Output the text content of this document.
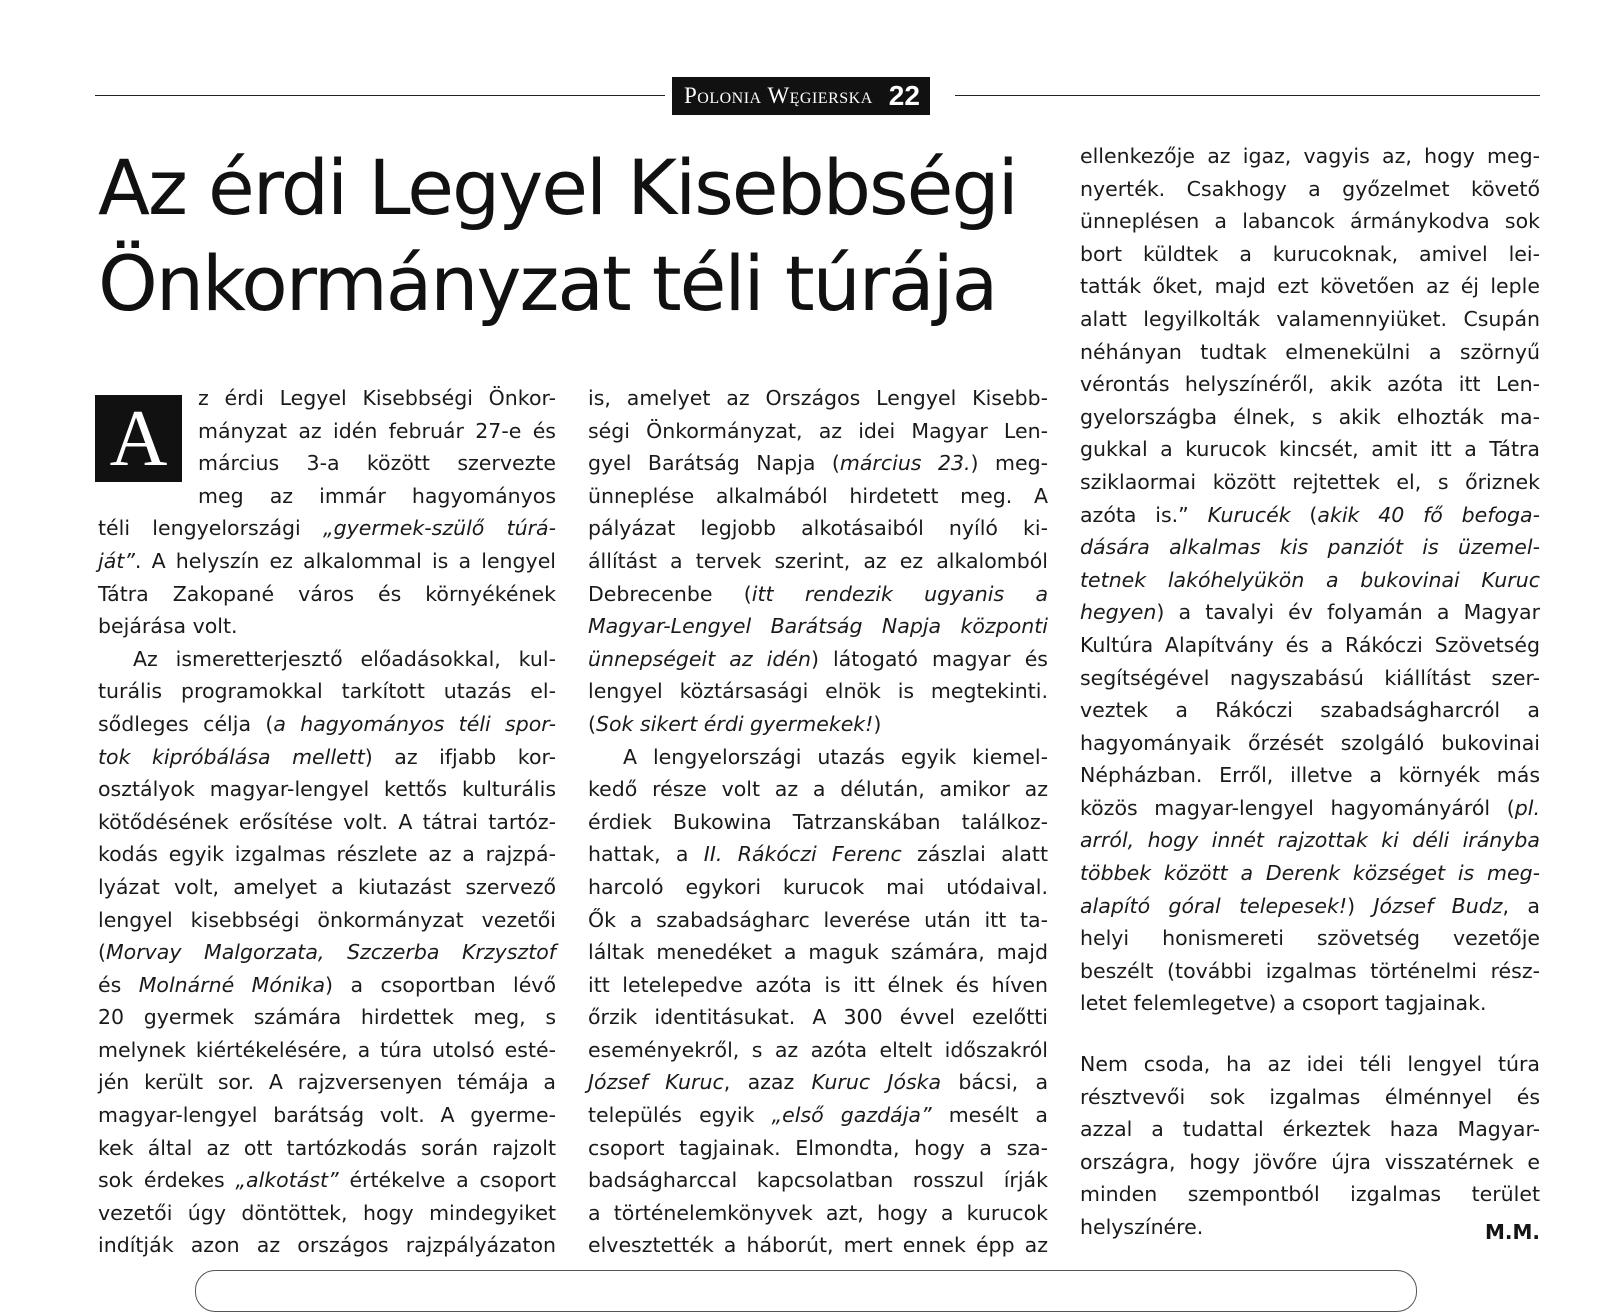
Polonia Węgierska 22
Az érdi Legyel Kisebbségi
Önkormányzat téli túrája
A	z érdi Legyel Kisebbségi Önkor-
mányzat az idén február 27-e és
március 3-a között szervezte
meg az immár hagyományos
téli lengyelországi „gyermek-szülő túrá-
ját”. A helyszín ez alkalommal is a lengyel
Tátra Zakopané város és környékének
bejárása volt.
Az ismeretterjesztő előadásokkal, kul-
turális programokkal tarkított utazás el-
sődleges célja (a hagyományos téli spor-
tok kipróbálása mellett) az ifjabb kor-
osztályok magyar-lengyel kettős kulturális
kötődésének erősítése volt. A tátrai tartóz-
kodás egyik izgalmas részlete az a rajzpá-
lyázat volt, amelyet a kiutazást szervező
lengyel kisebbségi önkormányzat vezetői
(Morvay Malgorzata, Szczerba Krzysztof
és Molnárné Mónika) a csoportban lévő
20 gyermek számára hirdettek meg, s
melynek kiértékelésére, a túra utolsó esté-
jén került sor. A rajzversenyen témája a
magyar-lengyel barátság volt. A gyerme-
kek által az ott tartózkodás során rajzolt
sok érdekes „alkotást” értékelve a csoport
vezetői úgy döntöttek, hogy mindegyiket
indítják azon az országos rajzpályázaton
is, amelyet az Országos Lengyel Kisebb-
ségi Önkormányzat, az idei Magyar Len-
gyel Barátság Napja (március 23.) meg-
ünneplése alkalmából hirdetett meg. A
pályázat legjobb alkotásaiból nyíló ki-
állítást a tervek szerint, az ez alkalomból
Debrecenbe (itt rendezik ugyanis a
Magyar-Lengyel Barátság Napja központi
ünnepségeit az idén) látogató magyar és
lengyel köztársasági elnök is megtekinti.
(Sok sikert érdi gyermekek!)
A lengyelországi utazás egyik kiemel-
kedő része volt az a délután, amikor az
érdiek Bukowina Tatrzanskában találkoz-
hattak, a II. Rákóczi Ferenc zászlai alatt
harcoló egykori kurucok mai utódaival.
Ők a szabadságharc leverése után itt ta-
láltak menedéket a maguk számára, majd
itt letelepedve azóta is itt élnek és híven
őrzik identitásukat. A 300 évvel ezelőtti
eseményekről, s az azóta eltelt időszakról
József Kuruc, azaz Kuruc Jóska bácsi, a
település egyik „első gazdája” mesélt a
csoport tagjainak. Elmondta, hogy a sza-
badságharccal kapcsolatban rosszul írják
a történelemkönyvek azt, hogy a kurucok
elvesztették a háborút, mert ennek épp az
ellenkezője az igaz, vagyis az, hogy meg-
nyerték. Csakhogy a győzelmet követő
ünneplésen a labancok ármánykodva sok
bort küldtek a kurucoknak, amivel lei-
tatták őket, majd ezt követően az éj leple
alatt legyilkolták valamennyiüket. Csupán
néhányan tudtak elmenekülni a szörnyű
vérontás helyszínéről, akik azóta itt Len-
gyelországba élnek, s akik elhozták ma-
gukkal a kurucok kincsét, amit itt a Tátra
sziklaormai között rejtettek el, s őriznek
azóta is.” Kurucék (akik 40 fő befoga-
dására alkalmas kis panziót is üzemel-
tetnek lakóhelyükön a bukovinai Kuruc
hegyen) a tavalyi év folyamán a Magyar
Kultúra Alapítvány és a Rákóczi Szövetség
segítségével nagyszabású kiállítást szer-
veztek a Rákóczi szabadságharcról a
hagyományaik őrzését szolgáló bukovinai
Népházban. Erről, illetve a környék más
közös magyar-lengyel hagyományáról (pl.
arról, hogy innét rajzottak ki déli irányba
többek között a Derenk községet is meg-
alapító góral telepesek!) József Budz, a
helyi honismereti szövetség vezetője
beszélt (további izgalmas történelmi rész-
letet felemlegetve) a csoport tagjainak.
Nem csoda, ha az idei téli lengyel túra
résztvevői sok izgalmas élménnyel és
azzal a tudattal érkeztek haza Magyar-
országra, hogy jövőre újra visszatérnek e
minden szempontból izgalmas terület
helyszínére.	M.M.
